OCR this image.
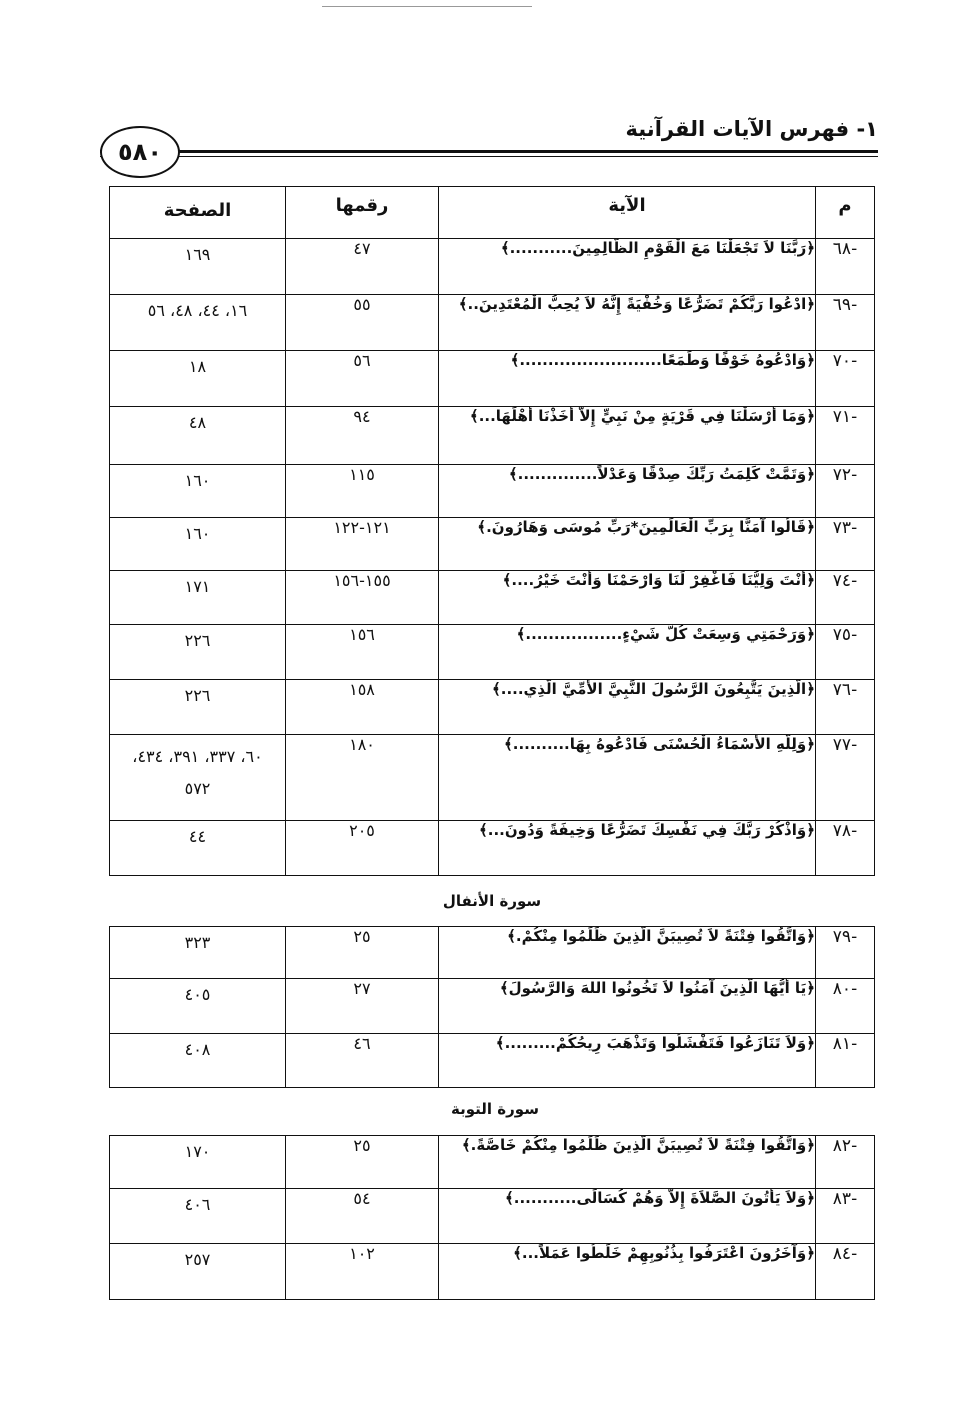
١- فهرس الآيات القرآنية
٥٨٠
م	الآية	رقمها	الصفحة
-٦٨	﴿رَبَّنَا لاَ تَجْعَلْنَا مَعَ الْقَوْمِ الظَّالِمِينَ...........﴾	٤٧	١٦٩
-٦٩	﴿ادْعُوا رَبَّكُمْ تَضَرُّعًا وَخُفْيَةً إِنَّهُ لاَ يُحِبُّ الْمُعْتَدِينَ..﴾	٥٥	١٦، ٤٤، ٤٨، ٥٦
-٧٠	﴿وَادْعُوهُ خَوْفًا وَطَمَعًا.........................﴾	٥٦	١٨
-٧١	﴿وَمَا أَرْسَلْنَا فِي قَرْيَةٍ مِنْ نَبِيٍّ إِلاَّ أَخَذْنَا أَهْلَهَا...﴾	٩٤	٤٨
-٧٢	﴿وَتَمَّتْ كَلِمَتُ رَبِّكَ صِدْقًا وَعَدْلاً..............﴾	١١٥	١٦٠
-٧٣	﴿قَالُوا آمَنَّا بِرَبِّ الْعَالَمِينَ*رَبِّ مُوسَى وَهَارُونَ.﴾	١٢١-١٢٢	١٦٠
-٧٤	﴿أَنْتَ وَلِيُّنَا فَاغْفِرْ لَنَا وَارْحَمْنَا وَأَنْتَ خَيْرُ....﴾	١٥٥-١٥٦	١٧١
-٧٥	﴿وَرَحْمَتِي وَسِعَتْ كُلَّ شَيْءٍ.................﴾	١٥٦	٢٢٦
-٧٦	﴿الَّذِينَ يَتَّبِعُونَ الرَّسُولَ النَّبِيَّ الأُمِّيَّ الَّذِي....﴾	١٥٨	٢٢٦
-٧٧	﴿وَلِلَّهِ الأَسْمَاءُ الْحُسْنَى فَادْعُوهُ بِهَا..........﴾	١٨٠	٦٠، ٣٣٧، ٣٩١، ٤٣٤، ٥٧٢
-٧٨	﴿وَاذْكُرْ رَبَّكَ فِي نَفْسِكَ تَضَرُّعًا وَخِيفَةً وَدُونَ...﴾	٢٠٥	٤٤
سورة الأنفال
-٧٩	﴿وَاتَّقُوا فِتْنَةً لاَ تُصِيبَنَّ الَّذِينَ ظَلَمُوا مِنْكُمْ.﴾	٢٥	٣٢٣
-٨٠	﴿يَا أَيُّهَا الَّذِينَ آمَنُوا لاَ تَخُونُوا اللهَ وَالرَّسُولَ﴾	٢٧	٤٠٥
-٨١	﴿وَلاَ تَنَازَعُوا فَتَفْشَلُوا وَتَذْهَبَ رِيحُكُمْ.........﴾	٤٦	٤٠٨
سورة التوبة
-٨٢	﴿وَاتَّقُوا فِتْنَةً لاَ تُصِيبَنَّ الَّذِينَ ظَلَمُوا مِنْكُمْ خَاصَّةً.﴾	٢٥	١٧٠
-٨٣	﴿وَلاَ يَأْتُونَ الصَّلاَةَ إِلاَّ وَهُمْ كُسَالَى...........﴾	٥٤	٤٠٦
-٨٤	﴿وَآخَرُونَ اعْتَرَفُوا بِذُنُوبِهِمْ خَلَطُوا عَمَلاً...﴾	١٠٢	٢٥٧
